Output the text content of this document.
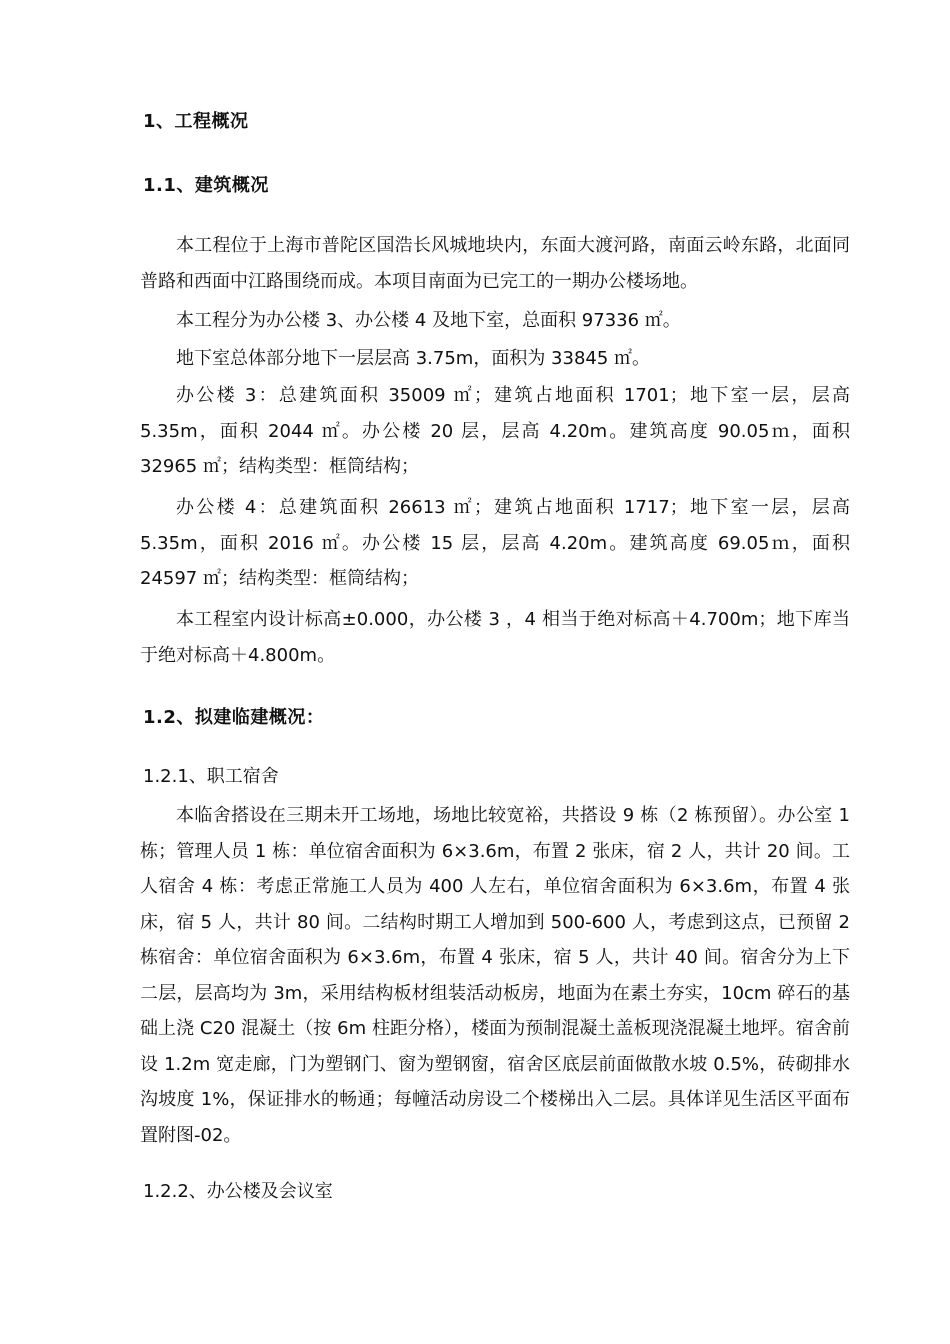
1、工程概况
1.1、建筑概况

本工程位于上海市普陀区国浩长风城地块内，东面大渡河路，南面云岭东路，北面同普路和西面中江路围绕而成。本项目南面为已完工的一期办公楼场地。

本工程分为办公楼 3、办公楼 4 及地下室，总面积 97336 ㎡。

地下室总体部分地下一层层高 3.75m，面积为 33845 ㎡。

办公楼 3：总建筑面积 35009 ㎡；建筑占地面积 1701；地下室一层，层高 5.35m，面积 2044 ㎡。办公楼 20 层，层高 4.20m。建筑高度 90.05ｍ，面积 32965 ㎡；结构类型：框筒结构；

办公楼 4：总建筑面积 26613 ㎡；建筑占地面积 1717；地下室一层，层高 5.35m，面积 2016 ㎡。办公楼 15 层，层高 4.20m。建筑高度 69.05ｍ，面积 24597 ㎡；结构类型：框筒结构；

本工程室内设计标高±0.000，办公楼 3 ，4 相当于绝对标高＋4.700m；地下库当于绝对标高＋4.800m。

1.2、拟建临建概况：
1.2.1、职工宿舍

本临舍搭设在三期未开工场地，场地比较宽裕，共搭设 9 栋（2 栋预留）。办公室 1 栋；管理人员 1 栋：单位宿舍面积为 6×3.6m，布置 2 张床，宿 2 人，共计 20 间。工人宿舍 4 栋：考虑正常施工人员为 400 人左右，单位宿舍面积为 6×3.6m，布置 4 张床，宿 5 人，共计 80 间。二结构时期工人增加到 500-600 人，考虑到这点，已预留 2 栋宿舍：单位宿舍面积为 6×3.6m，布置 4 张床，宿 5 人，共计 40 间。宿舍分为上下二层，层高均为 3m，采用结构板材组装活动板房，地面为在素土夯实，10cm 碎石的基础上浇 C20 混凝土（按 6m 柱距分格），楼面为预制混凝土盖板现浇混凝土地坪。宿舍前设 1.2m 宽走廊，门为塑钢门、窗为塑钢窗，宿舍区底层前面做散水坡 0.5%，砖砌排水沟坡度 1%，保证排水的畅通；每幢活动房设二个楼梯出入二层。具体详见生活区平面布置附图-02。

1.2.2、办公楼及会议室
